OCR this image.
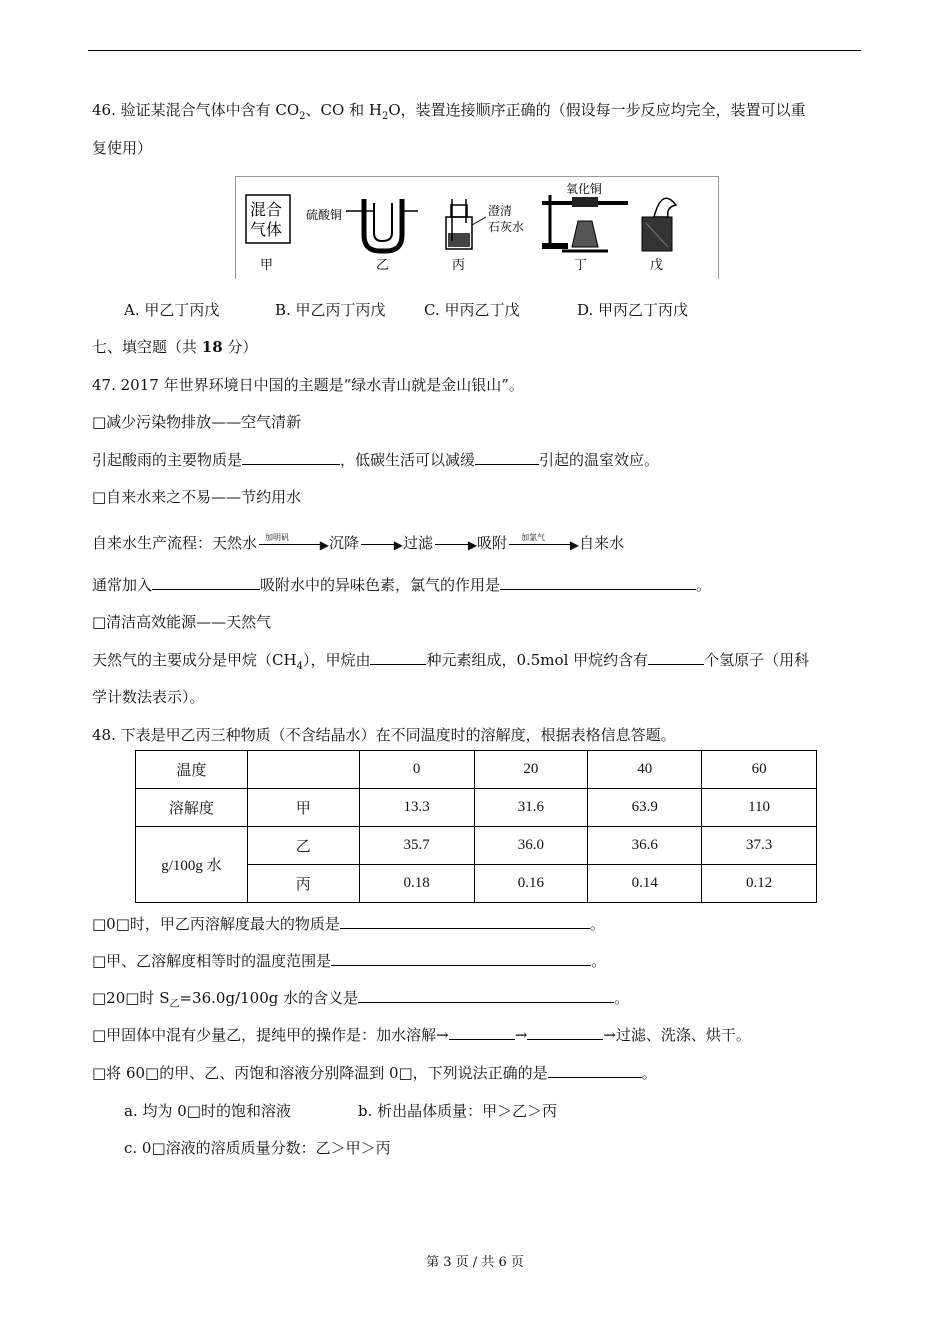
46. 验证某混合气体中含有 $CO_2$、CO 和 $H_2O$，装置连接顺序正确的（假设每一步反应均完全，装置可以重
复使用）
混合
气体
硫酸铜	澄清
石灰水
氧化铜
甲	乙	丙	丁	戊
A. 甲乙丁丙戊	B. 甲乙丙丁丙戊	C. 甲丙乙丁戊	D. 甲丙乙丁丙戊
七、填空题（共 18 分）
47. 2017 年世界环境日中国的主题是“绿水青山就是金山银山”。
□减少污染物排放——空气清新
引起酸雨的主要物质是	，低碳生活可以减缓	引起的温室效应。
□自来水来之不易——节约用水
自来水生产流程：天然水 加明矾
▶ 沉降	▶ 过滤	▶ 吸附 加氯气
▶ 自来水
通常加入	吸附水中的异味色素，氯气的作用是	。
□清洁高效能源——天然气
天然气的主要成分是甲烷$(CH_4)$，甲烷由	种元素组成，0.5mol 甲烷约含有	个氢原子（用科
学计数法表示）。
48. 下表是甲乙丙三种物质（不含结晶水）在不同温度时的溶解度，根据表格信息答题。
温度		0	20	40	60
溶解度	甲	13.3	31.6	63.9	110
g/100g 水	乙	35.7	36.0	36.6	37.3
	丙	0.18	0.16	0.14	0.12
□0□时，甲乙丙溶解度最大的物质是	。
□甲、乙溶解度相等时的温度范围是	。
□20□时 $S_乙=36.0g/100g$ 水的含义是	。
□甲固体中混有少量乙，提纯甲的操作是：加水溶解→	→	→过滤、洗涤、烘干。
□将 60□的甲、乙、丙饱和溶液分别降温到 0□，下列说法正确的是	。
a. 均为 0□时的饱和溶液	b. 析出晶体质量：甲＞乙＞丙
c. 0□溶液的溶质质量分数：乙＞甲＞丙
第 3 页 / 共 6 页
